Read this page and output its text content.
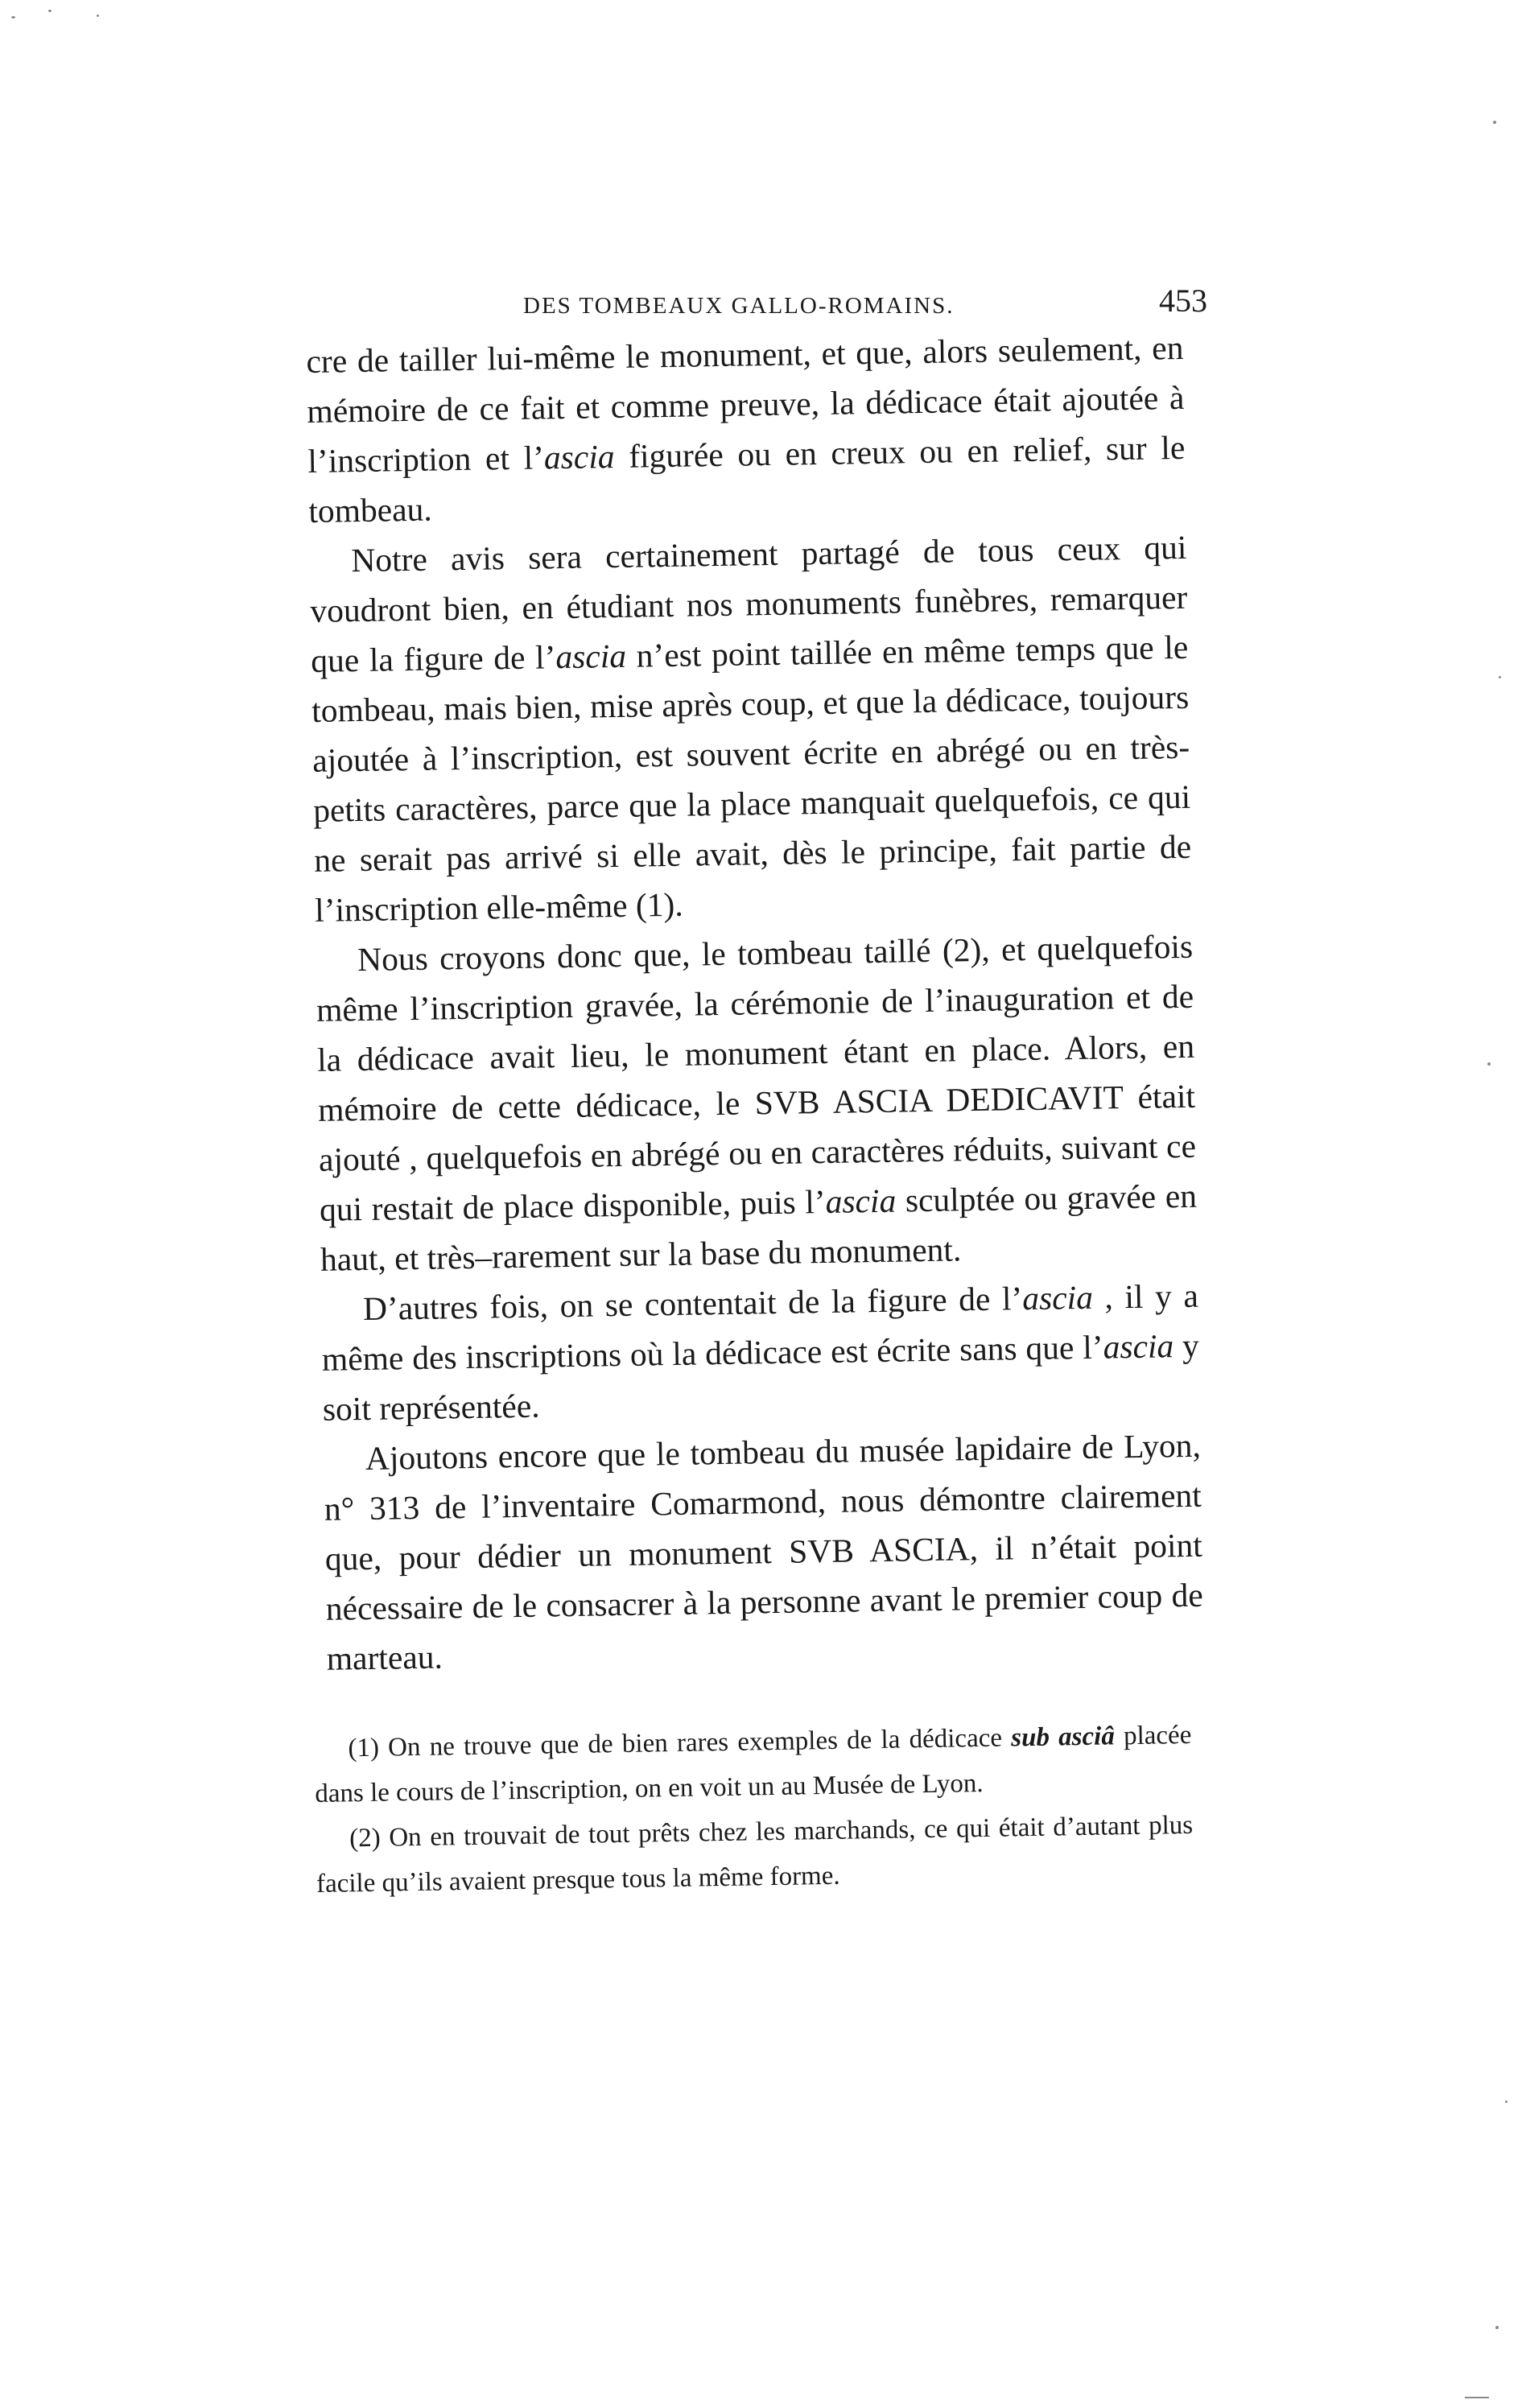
DES TOMBEAUX GALLO-ROMAINS.	453

cre de tailler lui-même le monument, et que, alors seulement, en mémoire de ce fait et comme preuve, la dédicace était ajoutée à l’inscription et l’ascia figurée ou en creux ou en relief, sur le tombeau.

Notre avis sera certainement partagé de tous ceux qui voudront bien, en étudiant nos monuments funèbres, remarquer que la figure de l’ascia n’est point taillée en même temps que le tombeau, mais bien, mise après coup, et que la dédicace, toujours ajoutée à l’inscription, est souvent écrite en abrégé ou en très-petits caractères, parce que la place manquait quelquefois, ce qui ne serait pas arrivé si elle avait, dès le principe, fait partie de l’inscription elle-même (1).

Nous croyons donc que, le tombeau taillé (2), et quelquefois même l’inscription gravée, la cérémonie de l’inauguration et de la dédicace avait lieu, le monument étant en place. Alors, en mémoire de cette dédicace, le SVB ASCIA DEDICAVIT était ajouté , quelquefois en abrégé ou en caractères réduits, suivant ce qui restait de place disponible, puis l’ascia sculptée ou gravée en haut, et très–rarement sur la base du monument.

D’autres fois, on se contentait de la figure de l’ascia , il y a même des inscriptions où la dédicace est écrite sans que l’ascia y soit représentée.

Ajoutons encore que le tombeau du musée lapidaire de Lyon, n° 313 de l’inventaire Comarmond, nous démontre clairement que, pour dédier un monument SVB ASCIA, il n’était point nécessaire de le consacrer à la personne avant le premier coup de marteau.

(1) On ne trouve que de bien rares exemples de la dédicace sub asciâ placée dans le cours de l’inscription, on en voit un au Musée de Lyon.

(2) On en trouvait de tout prêts chez les marchands, ce qui était d’autant plus facile qu’ils avaient presque tous la même forme.
